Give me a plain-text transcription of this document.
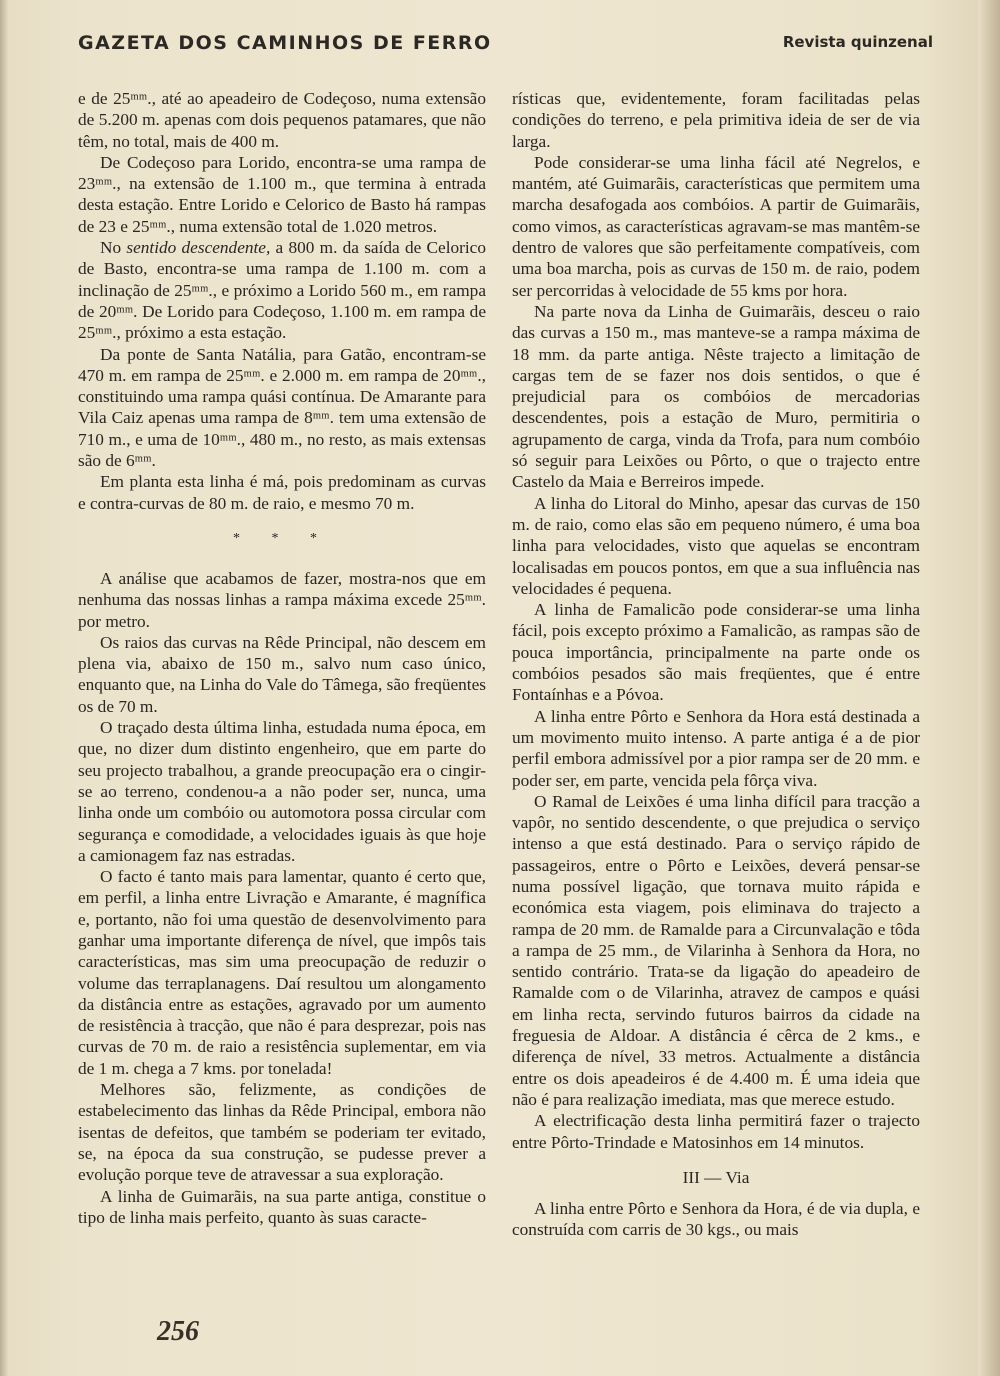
GAZETA DOS CAMINHOS DE FERRO	Revista quinzenal

e de 25ᵐᵐ., até ao apeadeiro de Codeçoso, numa extensão de 5.200 m. apenas com dois pequenos patamares, que não têm, no total, mais de 400 m.

De Codeçoso para Lorido, encontra-se uma rampa de 23ᵐᵐ., na extensão de 1.100 m., que termina à entrada desta estação. Entre Lorido e Celorico de Basto há rampas de 23 e 25ᵐᵐ., numa extensão total de 1.020 metros.

No sentido descendente, a 800 m. da saída de Celorico de Basto, encontra-se uma rampa de 1.100 m. com a inclinação de 25ᵐᵐ., e próximo a Lorido 560 m., em rampa de 20ᵐᵐ. De Lorido para Codeçoso, 1.100 m. em rampa de 25ᵐᵐ., próximo a esta estação.

Da ponte de Santa Natália, para Gatão, encontram-se 470 m. em rampa de 25ᵐᵐ. e 2.000 m. em rampa de 20ᵐᵐ., constituindo uma rampa quási contínua. De Amarante para Vila Caiz apenas uma rampa de 8ᵐᵐ. tem uma extensão de 710 m., e uma de 10ᵐᵐ., 480 m., no resto, as mais extensas são de 6ᵐᵐ.

Em planta esta linha é má, pois predominam as curvas e contra-curvas de 80 m. de raio, e mesmo 70 m.

* * *

A análise que acabamos de fazer, mostra-nos que em nenhuma das nossas linhas a rampa máxima excede 25ᵐᵐ. por metro.

Os raios das curvas na Rêde Principal, não descem em plena via, abaixo de 150 m., salvo num caso único, enquanto que, na Linha do Vale do Tâmega, são freqüentes os de 70 m.

O traçado desta última linha, estudada numa época, em que, no dizer dum distinto engenheiro, que em parte do seu projecto trabalhou, a grande preocupação era o cingir-se ao terreno, condenou-a a não poder ser, nunca, uma linha onde um combóio ou automotora possa circular com segurança e comodidade, a velocidades iguais às que hoje a camionagem faz nas estradas.

O facto é tanto mais para lamentar, quanto é certo que, em perfil, a linha entre Livração e Amarante, é magnífica e, portanto, não foi uma questão de desenvolvimento para ganhar uma importante diferença de nível, que impôs tais características, mas sim uma preocupação de reduzir o volume das terraplanagens. Daí resultou um alongamento da distância entre as estações, agravado por um aumento de resistência à tracção, que não é para desprezar, pois nas curvas de 70 m. de raio a resistência suplementar, em via de 1 m. chega a 7 kms. por tonelada!

Melhores são, felizmente, as condições de estabelecimento das linhas da Rêde Principal, embora não isentas de defeitos, que também se poderiam ter evitado, se, na época da sua construção, se pudesse prever a evolução porque teve de atravessar a sua exploração.

A linha de Guimarãis, na sua parte antiga, constitue o tipo de linha mais perfeito, quanto às suas caracte-

rísticas que, evidentemente, foram facilitadas pelas condições do terreno, e pela primitiva ideia de ser de via larga.

Pode considerar-se uma linha fácil até Negrelos, e mantém, até Guimarãis, características que permitem uma marcha desafogada aos combóios. A partir de Guimarãis, como vimos, as características agravam-se mas mantêm-se dentro de valores que são perfeitamente compatíveis, com uma boa marcha, pois as curvas de 150 m. de raio, podem ser percorridas à velocidade de 55 kms por hora.

Na parte nova da Linha de Guimarãis, desceu o raio das curvas a 150 m., mas manteve-se a rampa máxima de 18 mm. da parte antiga. Nêste trajecto a limitação de cargas tem de se fazer nos dois sentidos, o que é prejudicial para os combóios de mercadorias descendentes, pois a estação de Muro, permitiria o agrupamento de carga, vinda da Trofa, para num combóio só seguir para Leixões ou Pôrto, o que o trajecto entre Castelo da Maia e Berreiros impede.

A linha do Litoral do Minho, apesar das curvas de 150 m. de raio, como elas são em pequeno número, é uma boa linha para velocidades, visto que aquelas se encontram localisadas em poucos pontos, em que a sua influência nas velocidades é pequena.

A linha de Famalicão pode considerar-se uma linha fácil, pois excepto próximo a Famalicão, as rampas são de pouca importância, principalmente na parte onde os combóios pesados são mais freqüentes, que é entre Fontaínhas e a Póvoa.

A linha entre Pôrto e Senhora da Hora está destinada a um movimento muito intenso. A parte antiga é a de pior perfil embora admissível por a pior rampa ser de 20 mm. e poder ser, em parte, vencida pela fôrça viva.

O Ramal de Leixões é uma linha difícil para tracção a vapôr, no sentido descendente, o que prejudica o serviço intenso a que está destinado. Para o serviço rápido de passageiros, entre o Pôrto e Leixões, deverá pensar-se numa possível ligação, que tornava muito rápida e económica esta viagem, pois eliminava do trajecto a rampa de 20 mm. de Ramalde para a Circunvalação e tôda a rampa de 25 mm., de Vilarinha à Senhora da Hora, no sentido contrário. Trata-se da ligação do apeadeiro de Ramalde com o de Vilarinha, atravez de campos e quási em linha recta, servindo futuros bairros da cidade na freguesia de Aldoar. A distância é cêrca de 2 kms., e diferença de nível, 33 metros. Actualmente a distância entre os dois apeadeiros é de 4.400 m. É uma ideia que não é para realização imediata, mas que merece estudo.

A electrificação desta linha permitirá fazer o trajecto entre Pôrto-Trindade e Matosinhos em 14 minutos.

III — Via

A linha entre Pôrto e Senhora da Hora, é de via dupla, e construída com carris de 30 kgs., ou mais

256
